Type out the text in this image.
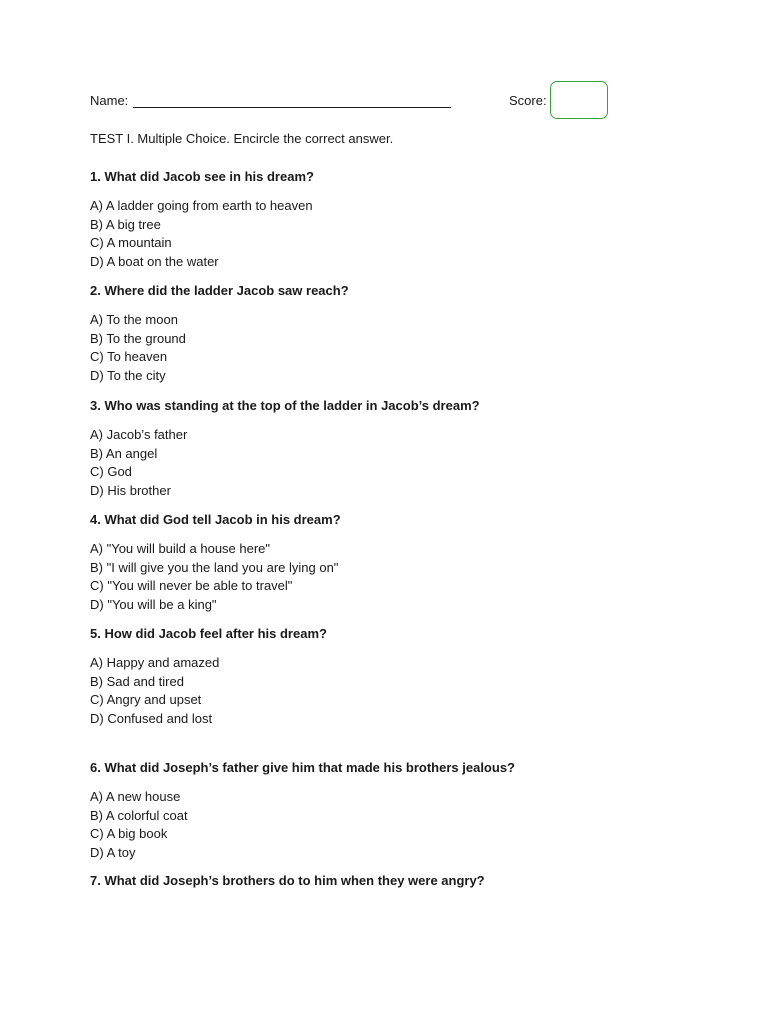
Name:	Score:
TEST I. Multiple Choice. Encircle the correct answer.
1. What did Jacob see in his dream?
A) A ladder going from earth to heaven
B) A big tree
C) A mountain
D) A boat on the water
2. Where did the ladder Jacob saw reach?
A) To the moon
B) To the ground
C) To heaven
D) To the city
3. Who was standing at the top of the ladder in Jacob’s dream?
A) Jacob’s father
B) An angel
C) God
D) His brother
4. What did God tell Jacob in his dream?
A) "You will build a house here"
B) "I will give you the land you are lying on"
C) "You will never be able to travel"
D) "You will be a king"
5. How did Jacob feel after his dream?
A) Happy and amazed
B) Sad and tired
C) Angry and upset
D) Confused and lost
6. What did Joseph’s father give him that made his brothers jealous?
A) A new house
B) A colorful coat
C) A big book
D) A toy
7. What did Joseph’s brothers do to him when they were angry?
